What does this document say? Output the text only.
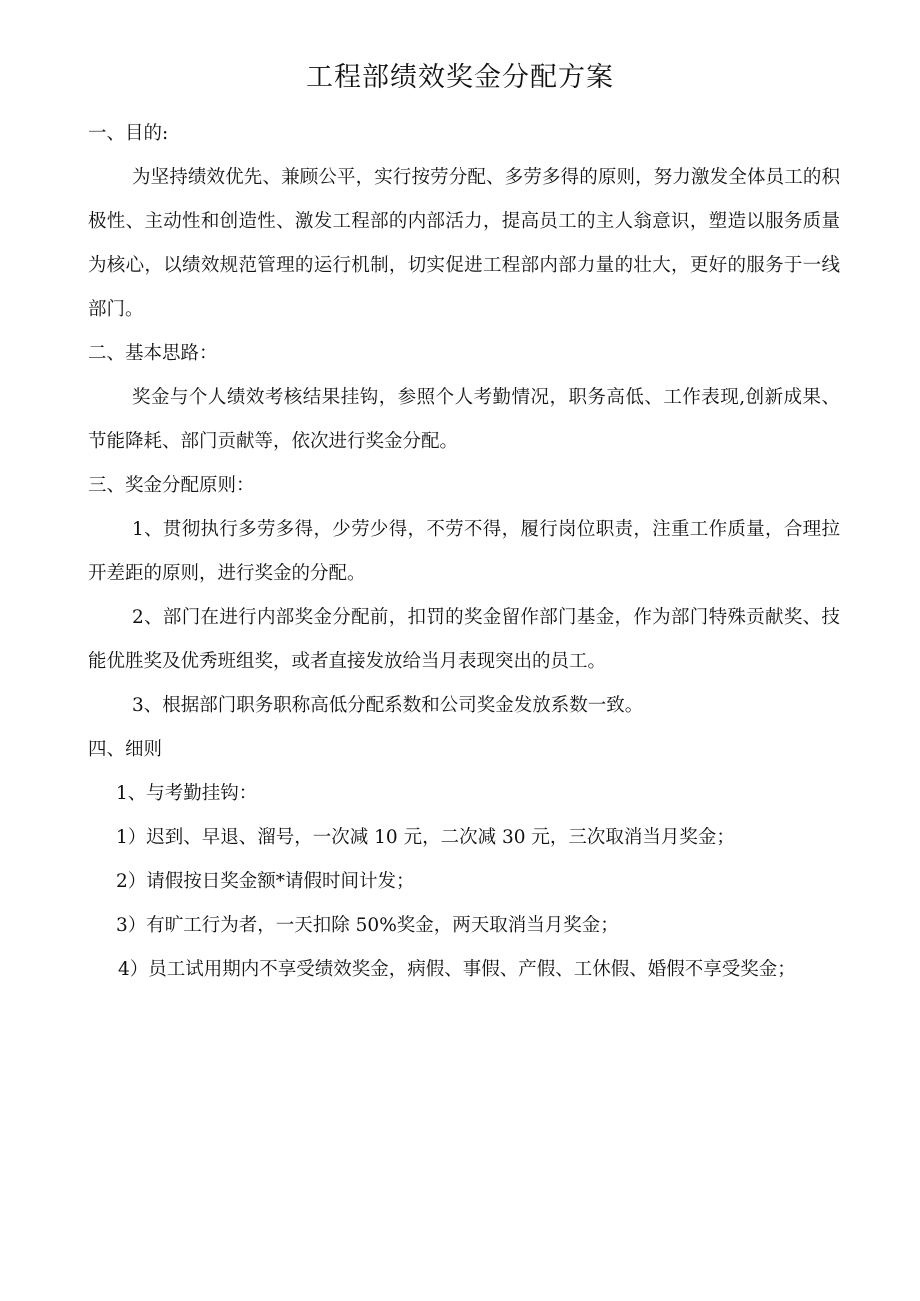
工程部绩效奖金分配方案

一、目的:

为坚持绩效优先、兼顾公平，实行按劳分配、多劳多得的原则，努力激发全体员工的积极性、主动性和创造性、激发工程部的内部活力，提高员工的主人翁意识，塑造以服务质量为核心，以绩效规范管理的运行机制，切实促进工程部内部力量的壮大，更好的服务于一线部门。

二、基本思路：

奖金与个人绩效考核结果挂钩，参照个人考勤情况，职务高低、工作表现,创新成果、节能降耗、部门贡献等，依次进行奖金分配。

三、奖金分配原则：

1、贯彻执行多劳多得，少劳少得，不劳不得，履行岗位职责，注重工作质量，合理拉开差距的原则，进行奖金的分配。

2、部门在进行内部奖金分配前，扣罚的奖金留作部门基金，作为部门特殊贡献奖、技能优胜奖及优秀班组奖，或者直接发放给当月表现突出的员工。

3、根据部门职务职称高低分配系数和公司奖金发放系数一致。

四、细则

1、与考勤挂钩：

1）迟到、早退、溜号，一次减 10 元，二次减 30 元，三次取消当月奖金；

2）请假按日奖金额*请假时间计发；

3）有旷工行为者，一天扣除 50%奖金，两天取消当月奖金；

4）员工试用期内不享受绩效奖金，病假、事假、产假、工休假、婚假不享受奖金；
